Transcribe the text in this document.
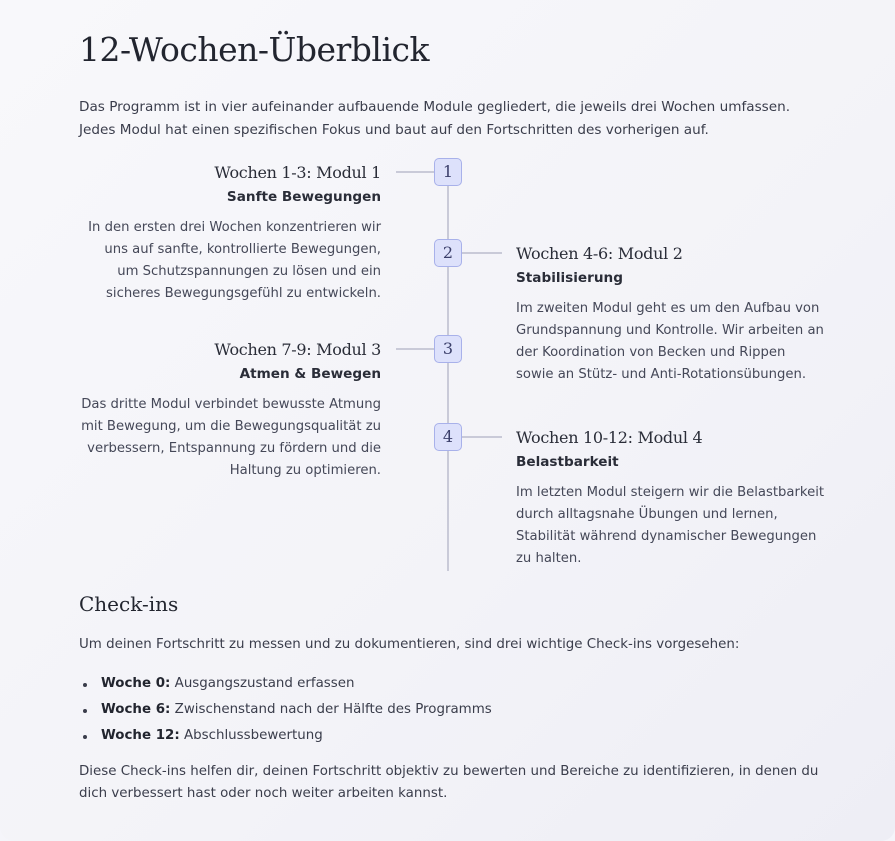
12-Wochen-Überblick

Das Programm ist in vier aufeinander aufbauende Module gegliedert, die jeweils drei Wochen umfassen. Jedes Modul hat einen spezifischen Fokus und baut auf den Fortschritten des vorherigen auf.

1

Wochen 1-3: Modul 1

Sanfte Bewegungen

In den ersten drei Wochen konzentrieren wir uns auf sanfte, kontrollierte Bewegungen, um Schutzspannungen zu lösen und ein sicheres Bewegungsgefühl zu entwickeln.

2	Wochen 4-6: Modul 2

Stabilisierung

Im zweiten Modul geht es um den Aufbau von Grundspannung und Kontrolle. Wir arbeiten an der Koordination von Becken und Rippen sowie an Stütz- und Anti-Rotationsübungen.

3

Wochen 7-9: Modul 3

Atmen & Bewegen

Das dritte Modul verbindet bewusste Atmung mit Bewegung, um die Bewegungsqualität zu verbessern, Entspannung zu fördern und die Haltung zu optimieren.

4	Wochen 10-12: Modul 4

Belastbarkeit

Im letzten Modul steigern wir die Belastbarkeit durch alltagsnahe Übungen und lernen, Stabilität während dynamischer Bewegungen zu halten.

Check-ins

Um deinen Fortschritt zu messen und zu dokumentieren, sind drei wichtige Check-ins vorgesehen:

Woche 0: Ausgangszustand erfassen
Woche 6: Zwischenstand nach der Hälfte des Programms
Woche 12: Abschlussbewertung

Diese Check-ins helfen dir, deinen Fortschritt objektiv zu bewerten und Bereiche zu identifizieren, in denen du dich verbessert hast oder noch weiter arbeiten kannst.
